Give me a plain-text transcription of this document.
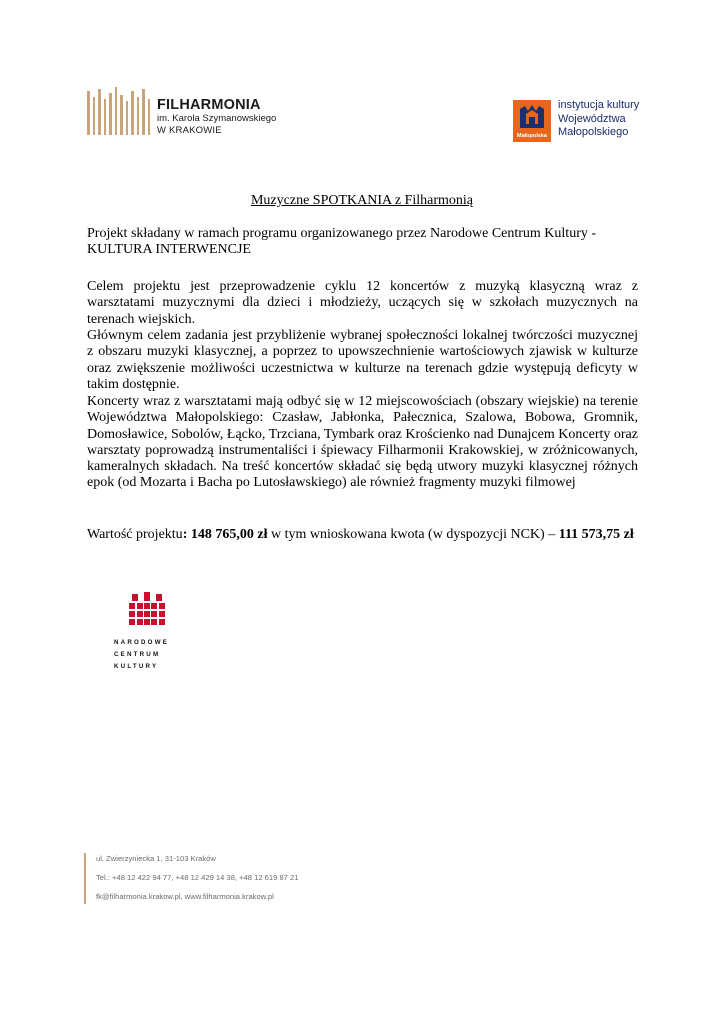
FILHARMONIA
im. Karola Szymanowskiego
W KRAKOWIE	Małopolska
instytucja kultury
Województwa
Małopolskiego
Muzyczne SPOTKANIA z Filharmonią
Projekt składany w ramach programu organizowanego przez Narodowe Centrum Kultury -
KULTURA INTERWENCJE
Celem projektu jest przeprowadzenie cyklu 12 koncertów z muzyką klasyczną wraz z warsztatami muzycznymi dla dzieci i młodzieży, uczących się w szkołach muzycznych na terenach wiejskich.
Głównym celem zadania jest przybliżenie wybranej społeczności lokalnej twórczości muzycznej z obszaru muzyki klasycznej, a poprzez to upowszechnienie wartościowych zjawisk w kulturze oraz zwiększenie możliwości uczestnictwa w kulturze na terenach gdzie występują deficyty w takim dostępnie.
Koncerty wraz z warsztatami mają odbyć się w 12 miejscowościach (obszary wiejskie) na terenie Województwa Małopolskiego: Czasław, Jabłonka, Pałecznica, Szalowa, Bobowa, Gromnik, Domosławice, Sobolów, Łącko, Trzciana, Tymbark oraz Krościenko nad Dunajcem Koncerty oraz warsztaty poprowadzą instrumentaliści i śpiewacy Filharmonii Krakowskiej, w zróżnicowanych, kameralnych składach. Na treść koncertów składać się będą utwory muzyki klasycznej różnych epok (od Mozarta i Bacha po Lutosławskiego) ale również fragmenty muzyki filmowej
Wartość projektu: 148 765,00 zł w tym wnioskowana kwota (w dyspozycji NCK) – 111 573,75 zł
NARODOWE
CENTRUM
KULTURY
ul. Zwierzyniecka 1, 31-103 Kraków
Tel.: +48 12 422 94 77, +48 12 429 14 38, +48 12 619 87 21
fk@filharmonia.krakow.pl, www.filharmonia.krakow.pl
